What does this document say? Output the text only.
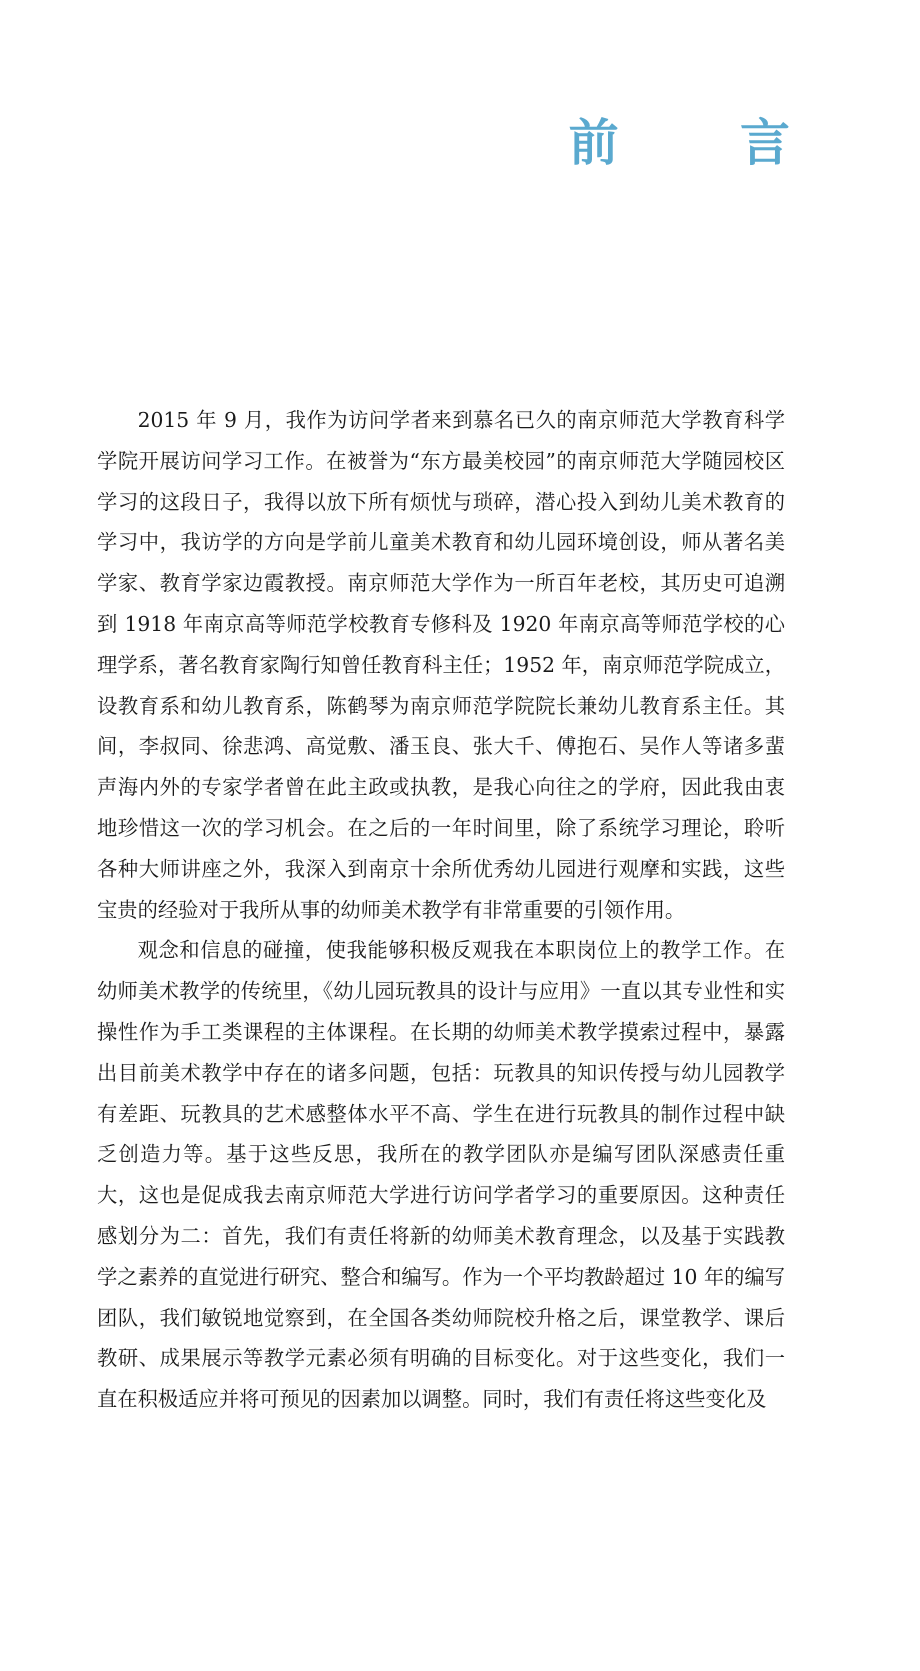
前 言

2015 年 9 月，我作为访问学者来到慕名已久的南京师范大学教育科学学院开展访问学习工作。在被誉为“东方最美校园”的南京师范大学随园校区学习的这段日子，我得以放下所有烦忧与琐碎，潜心投入到幼儿美术教育的学习中，我访学的方向是学前儿童美术教育和幼儿园环境创设，师从著名美学家、教育学家边霞教授。南京师范大学作为一所百年老校，其历史可追溯到 1918 年南京高等师范学校教育专修科及 1920 年南京高等师范学校的心理学系，著名教育家陶行知曾任教育科主任；1952 年，南京师范学院成立，设教育系和幼儿教育系，陈鹤琴为南京师范学院院长兼幼儿教育系主任。其间，李叔同、徐悲鸿、高觉敷、潘玉良、张大千、傅抱石、吴作人等诸多蜚声海内外的专家学者曾在此主政或执教，是我心向往之的学府，因此我由衷地珍惜这一次的学习机会。在之后的一年时间里，除了系统学习理论，聆听各种大师讲座之外，我深入到南京十余所优秀幼儿园进行观摩和实践，这些宝贵的经验对于我所从事的幼师美术教学有非常重要的引领作用。

观念和信息的碰撞，使我能够积极反观我在本职岗位上的教学工作。在幼师美术教学的传统里，《幼儿园玩教具的设计与应用》一直以其专业性和实操性作为手工类课程的主体课程。在长期的幼师美术教学摸索过程中，暴露出目前美术教学中存在的诸多问题，包括：玩教具的知识传授与幼儿园教学有差距、玩教具的艺术感整体水平不高、学生在进行玩教具的制作过程中缺乏创造力等。基于这些反思，我所在的教学团队亦是编写团队深感责任重大，这也是促成我去南京师范大学进行访问学者学习的重要原因。这种责任感划分为二：首先，我们有责任将新的幼师美术教育理念，以及基于实践教学之素养的直觉进行研究、整合和编写。作为一个平均教龄超过 10 年的编写团队，我们敏锐地觉察到，在全国各类幼师院校升格之后，课堂教学、课后教研、成果展示等教学元素必须有明确的目标变化。对于这些变化，我们一直在积极适应并将可预见的因素加以调整。同时，我们有责任将这些变化及
